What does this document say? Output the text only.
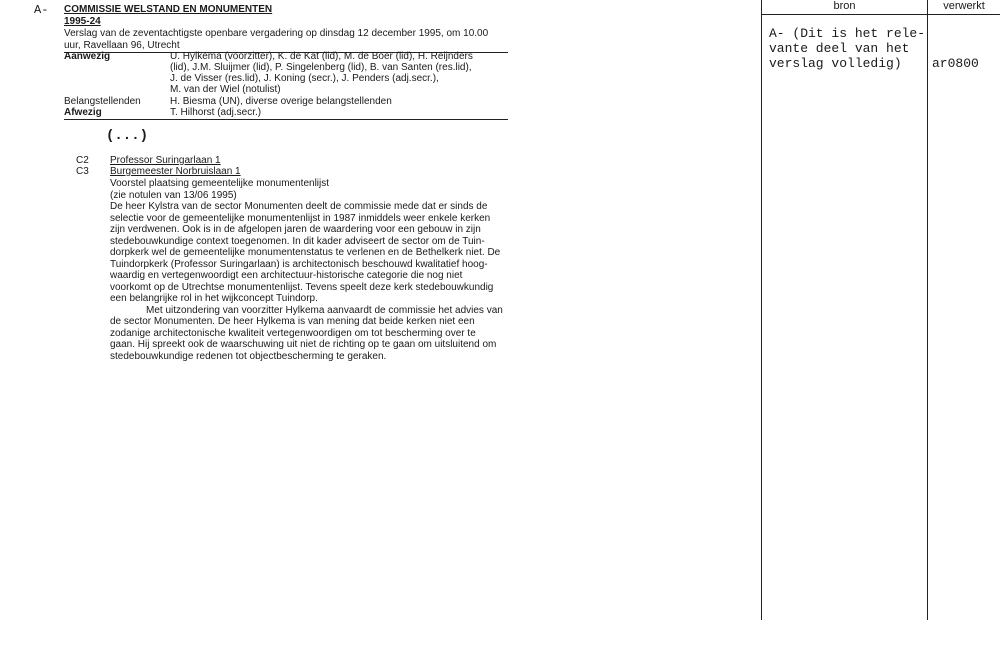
A- COMMISSIE WELSTAND EN MONUMENTEN
1995-24
Verslag van de zeventachtigste openbare vergadering op dinsdag 12 december 1995, om 10.00
uur, Ravellaan 96, Utrecht
Aanwezig	U. Hylkema (voorzitter), K. de Kat (lid), M. de Boer (lid), H. Reijnders
(lid), J.M. Sluijmer (lid), P. Singelenberg (lid), B. van Santen (res.lid),
J. de Visser (res.lid), J. Koning (secr.), J. Penders (adj.secr.),
M. van der Wiel (notulist)
Belangstellenden	H. Biesma (UN), diverse overige belangstellenden
Afwezig	T. Hilhorst (adj.secr.)
(...)
C2 Professor Suringarlaan 1
C3 Burgemeester Norbruislaan 1

Voorstel plaatsing gemeentelijke monumentenlijst

(zie notulen van 13/06 1995)

De heer Kylstra van de sector Monumenten deelt de commissie mede dat er sinds de

selectie voor de gemeentelijke monumentenlijst in 1987 inmiddels weer enkele kerken

zijn verdwenen. Ook is in de afgelopen jaren de waardering voor een gebouw in zijn

stedebouwkundige context toegenomen. In dit kader adviseert de sector om de Tuin-

dorpkerk wel de gemeentelijke monumentenstatus te verlenen en de Bethelkerk niet. De

Tuindorpkerk (Professor Suringarlaan) is architectonisch beschouwd kwalitatief hoog-

waardig en vertegenwoordigt een architectuur-historische categorie die nog niet

voorkomt op de Utrechtse monumentenlijst. Tevens speelt deze kerk stedebouwkundig

een belangrijke rol in het wijkconcept Tuindorp.

Met uitzondering van voorzitter Hylkema aanvaardt de commissie het advies van

de sector Monumenten. De heer Hylkema is van mening dat beide kerken niet een

zodanige architectonische kwaliteit vertegenwoordigen om tot bescherming over te

gaan. Hij spreekt ook de waarschuwing uit niet de richting op te gaan om uitsluitend om

stedebouwkundige redenen tot objectbescherming te geraken.

bron	verwerkt
A- (Dit is het rele-
vante deel van het
verslag volledig) ar0800
